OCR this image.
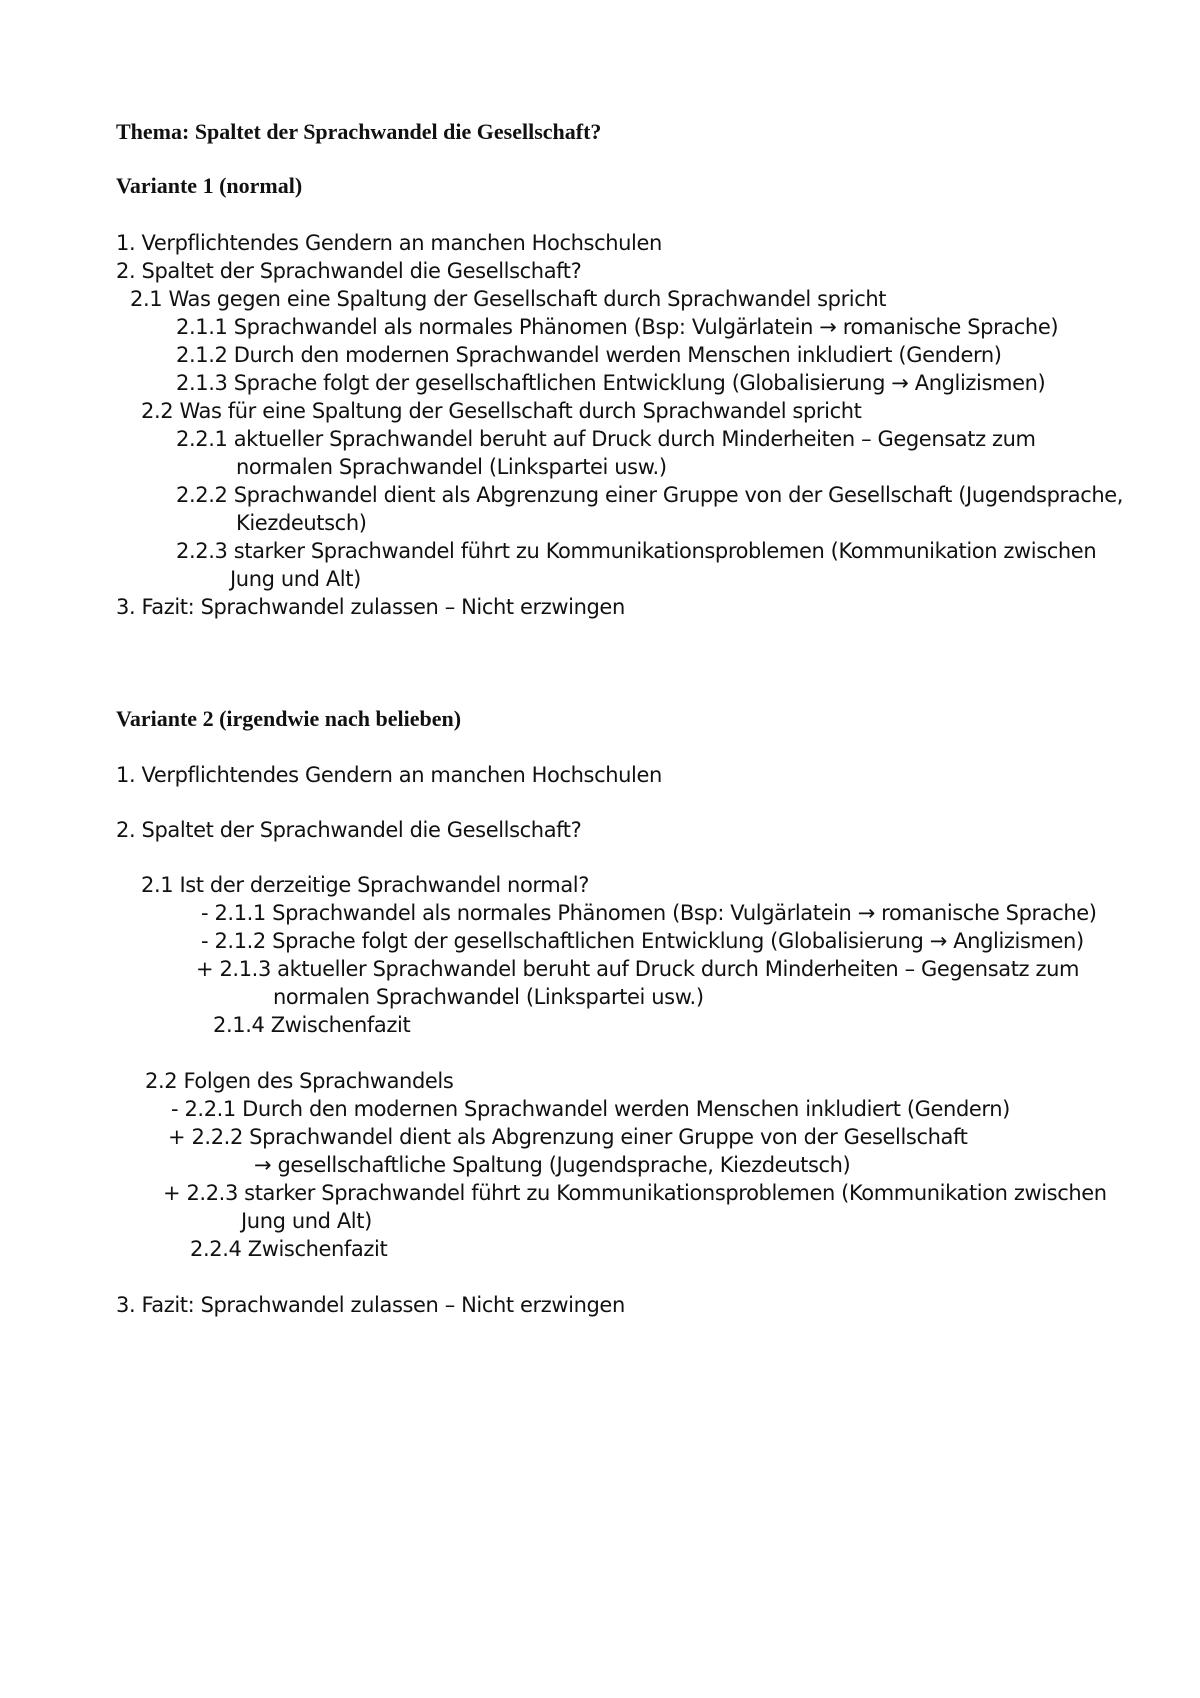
Thema: Spaltet der Sprachwandel die Gesellschaft?
Variante 1 (normal)
1. Verpflichtendes Gendern an manchen Hochschulen
2. Spaltet der Sprachwandel die Gesellschaft?
2.1 Was gegen eine Spaltung der Gesellschaft durch Sprachwandel spricht
2.1.1 Sprachwandel als normales Phänomen (Bsp: Vulgärlatein → romanische Sprache)
2.1.2 Durch den modernen Sprachwandel werden Menschen inkludiert (Gendern)
2.1.3 Sprache folgt der gesellschaftlichen Entwicklung (Globalisierung → Anglizismen)
2.2 Was für eine Spaltung der Gesellschaft durch Sprachwandel spricht
2.2.1 aktueller Sprachwandel beruht auf Druck durch Minderheiten – Gegensatz zum
normalen Sprachwandel (Linkspartei usw.)
2.2.2 Sprachwandel dient als Abgrenzung einer Gruppe von der Gesellschaft (Jugendsprache,
Kiezdeutsch)
2.2.3 starker Sprachwandel führt zu Kommunikationsproblemen (Kommunikation zwischen
Jung und Alt)
3. Fazit: Sprachwandel zulassen – Nicht erzwingen
Variante 2 (irgendwie nach belieben)
1. Verpflichtendes Gendern an manchen Hochschulen
2. Spaltet der Sprachwandel die Gesellschaft?
2.1 Ist der derzeitige Sprachwandel normal?
- 2.1.1 Sprachwandel als normales Phänomen (Bsp: Vulgärlatein → romanische Sprache)
- 2.1.2 Sprache folgt der gesellschaftlichen Entwicklung (Globalisierung → Anglizismen)
+ 2.1.3 aktueller Sprachwandel beruht auf Druck durch Minderheiten – Gegensatz zum
normalen Sprachwandel (Linkspartei usw.)
2.1.4 Zwischenfazit
2.2 Folgen des Sprachwandels
- 2.2.1 Durch den modernen Sprachwandel werden Menschen inkludiert (Gendern)
+ 2.2.2 Sprachwandel dient als Abgrenzung einer Gruppe von der Gesellschaft
→ gesellschaftliche Spaltung (Jugendsprache, Kiezdeutsch)
+ 2.2.3 starker Sprachwandel führt zu Kommunikationsproblemen (Kommunikation zwischen
Jung und Alt)
2.2.4 Zwischenfazit
3. Fazit: Sprachwandel zulassen – Nicht erzwingen
